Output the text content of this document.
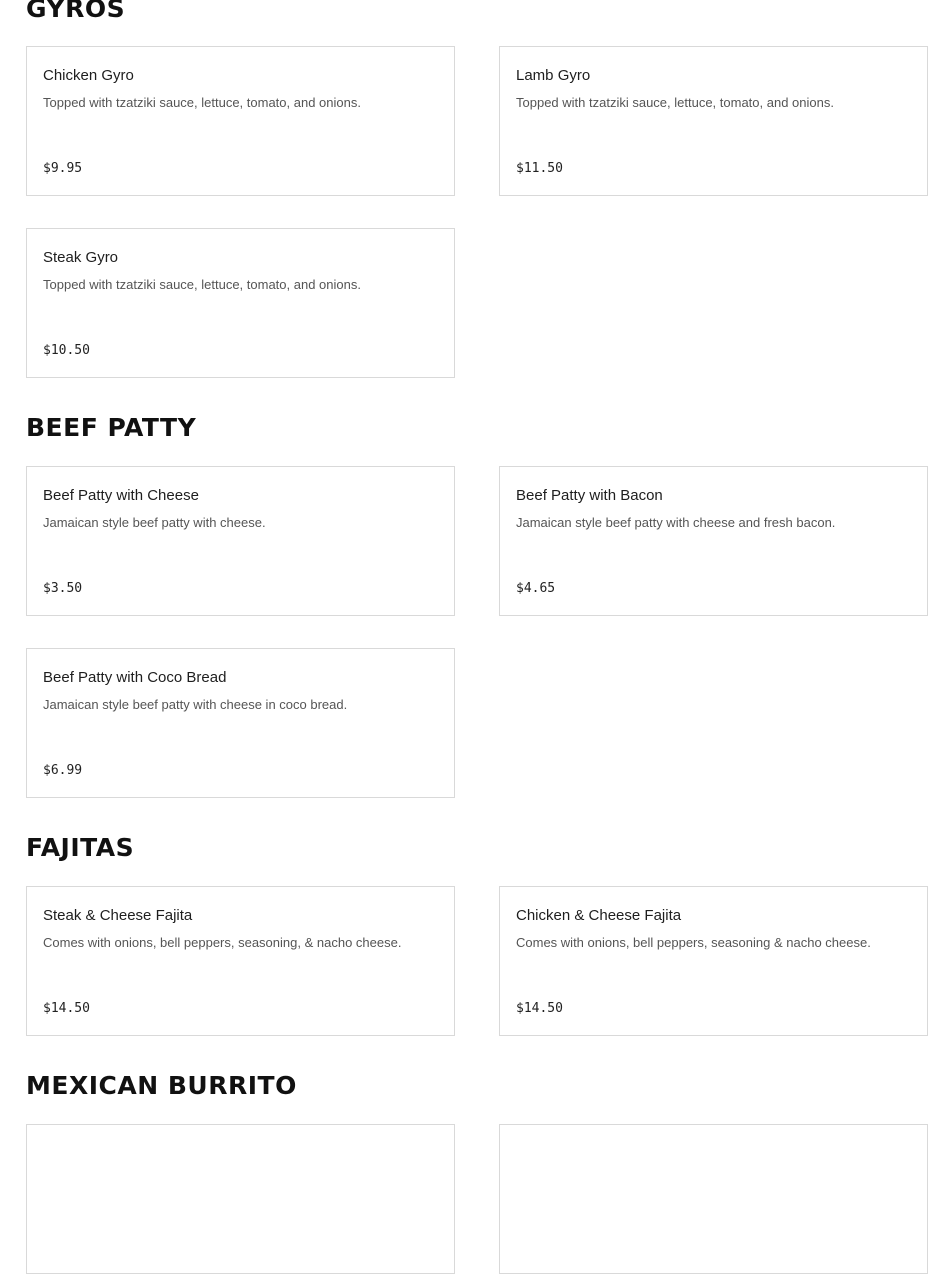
GYROS
Chicken Gyro
Topped with tzatziki sauce, lettuce, tomato, and onions.
$9.95
Lamb Gyro
Topped with tzatziki sauce, lettuce, tomato, and onions.
$11.50
Steak Gyro
Topped with tzatziki sauce, lettuce, tomato, and onions.
$10.50
BEEF PATTY
Beef Patty with Cheese
Jamaican style beef patty with cheese.
$3.50
Beef Patty with Bacon
Jamaican style beef patty with cheese and fresh bacon.
$4.65
Beef Patty with Coco Bread
Jamaican style beef patty with cheese in coco bread.
$6.99
FAJITAS
Steak & Cheese Fajita
Comes with onions, bell peppers, seasoning, & nacho cheese.
$14.50
Chicken & Cheese Fajita
Comes with onions, bell peppers, seasoning & nacho cheese.
$14.50
MEXICAN BURRITO
